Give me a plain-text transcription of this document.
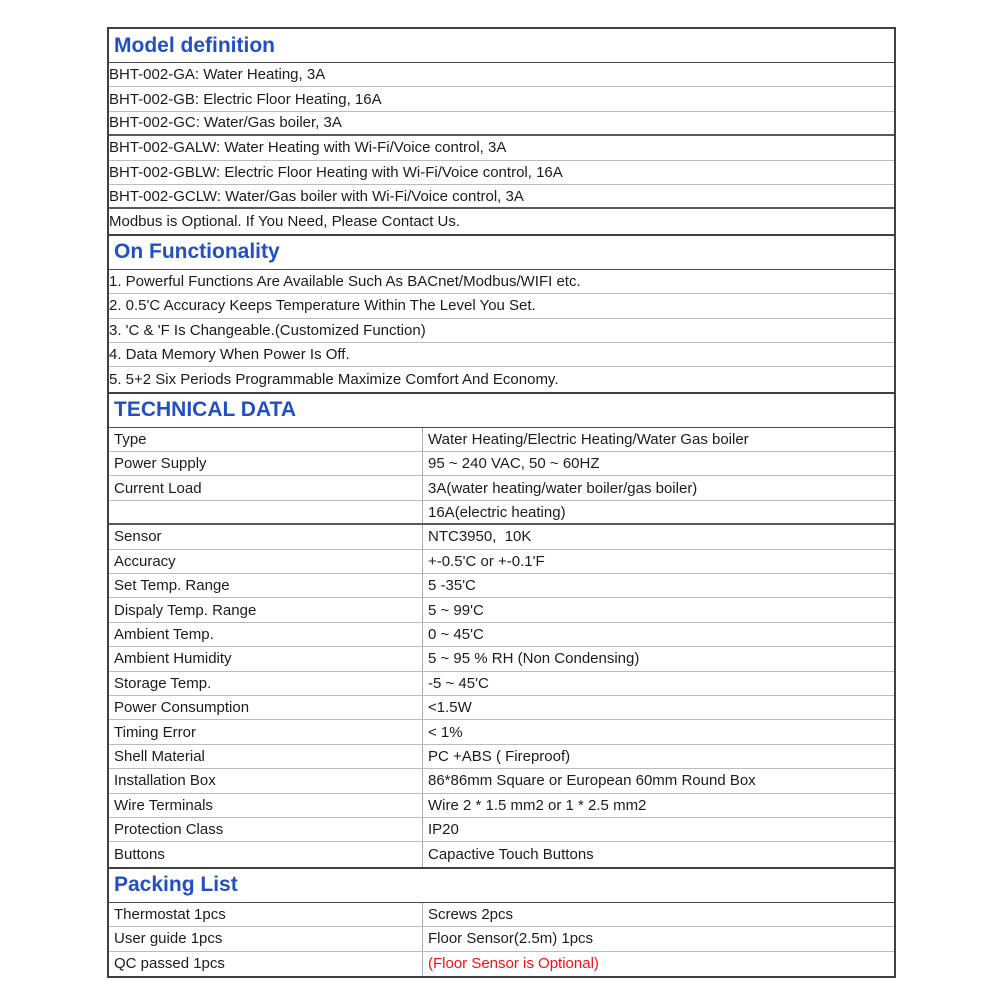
Model definition
BHT-002-GA: Water Heating, 3A
BHT-002-GB: Electric Floor Heating, 16A
BHT-002-GC: Water/Gas boiler, 3A
BHT-002-GALW: Water Heating with Wi-Fi/Voice control, 3A
BHT-002-GBLW: Electric Floor Heating with Wi-Fi/Voice control, 16A
BHT-002-GCLW: Water/Gas boiler with Wi-Fi/Voice control, 3A
Modbus is Optional. If You Need, Please Contact Us.
On Functionality
1. Powerful Functions Are Available Such As BACnet/Modbus/WIFI etc.
2. 0.5'C Accuracy Keeps Temperature Within The Level You Set.
3. 'C & 'F Is Changeable.(Customized Function)
4. Data Memory When Power Is Off.
5. 5+2 Six Periods Programmable Maximize Comfort And Economy.
TECHNICAL DATA
Type	Water Heating/Electric Heating/Water Gas boiler
Power Supply	95 ~ 240 VAC, 50 ~ 60HZ
Current Load	3A(water heating/water boiler/gas boiler)
16A(electric heating)
Sensor	NTC3950,  10K
Accuracy	+-0.5'C or +-0.1'F
Set Temp. Range	5 -35'C
Dispaly Temp. Range	5 ~ 99'C
Ambient Temp.	0 ~ 45'C
Ambient Humidity	5 ~ 95 % RH (Non Condensing)
Storage Temp.	-5 ~ 45'C
Power Consumption	<1.5W
Timing Error	< 1%
Shell Material	PC +ABS ( Fireproof)
Installation Box	86*86mm Square or European 60mm Round Box
Wire Terminals	Wire 2 * 1.5 mm2 or 1 * 2.5 mm2
Protection Class	IP20
Buttons	Capactive Touch Buttons
Packing List
Thermostat 1pcs	Screws 2pcs
User guide 1pcs	Floor Sensor(2.5m) 1pcs
QC passed 1pcs	(Floor Sensor is Optional)
